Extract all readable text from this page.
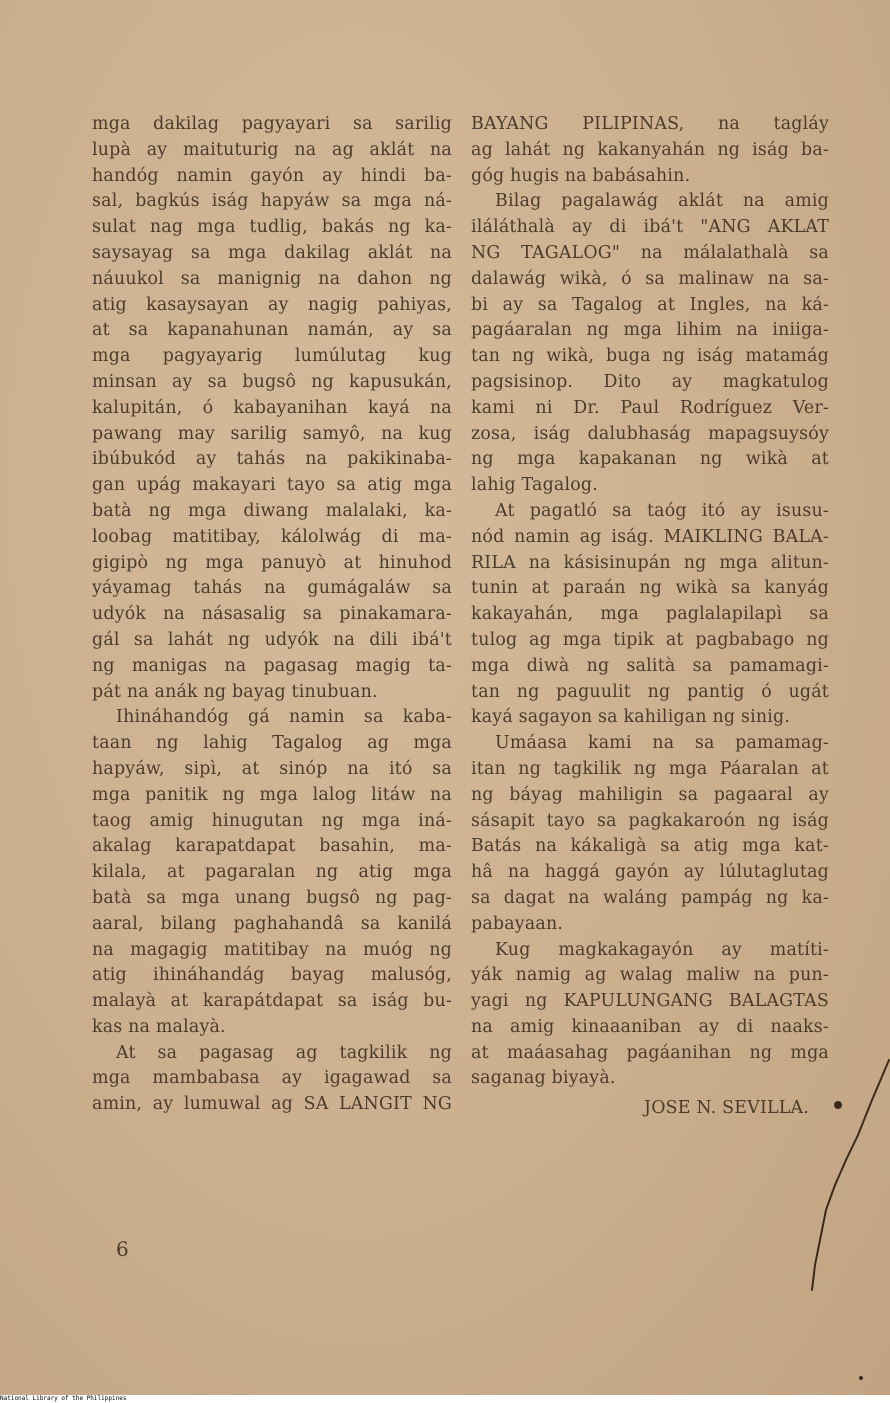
mga dakilag pagyayari sa sarilig
lupà ay maituturig na ag aklát na
handóg namin gayón ay hindi ba-
sal, bagkús iság hapyáw sa mga ná-
sulat nag mga tudlig, bakás ng ka-
saysayag sa mga dakilag aklát na
náuukol sa manignig na dahon ng
atig kasaysayan ay nagig pahiyas,
at sa kapanahunan namán, ay sa
mga pagyayarig lumúlutag kug
minsan ay sa bugsô ng kapusukán,
kalupitán, ó kabayanihan kayá na
pawang may sarilig samyô, na kug
ibúbukód ay tahás na pakikinaba-
gan upág makayari tayo sa atig mga
batà ng mga diwang malalaki, ka-
loobag matitibay, kálolwág di ma-
gigipò ng mga panuyò at hinuhod
yáyamag tahás na gumágaláw sa
udyók na násasalig sa pinakamara-
gál sa lahát ng udyók na dili ibá't
ng manigas na pagasag magig ta-
pát na anák ng bayag tinubuan.
Ihináhandóg gá namin sa kaba-
taan ng lahig Tagalog ag mga
hapyáw, sipì, at sinóp na itó sa
mga panitik ng mga lalog litáw na
taog amig hinugutan ng mga iná-
akalag karapatdapat basahin, ma-
kilala, at pagaralan ng atig mga
batà sa mga unang bugsô ng pag-
aaral, bilang paghahandâ sa kanilá
na magagig matitibay na muóg ng
atig ihináhandág bayag malusóg,
malayà at karapátdapat sa iság bu-
kas na malayà.
At sa pagasag ag tagkilik ng
mga mambabasa ay igagawad sa
amin, ay lumuwal ag SA LANGIT NG
BAYANG PILIPINAS, na tagláy
ag lahát ng kakanyahán ng iság ba-
góg hugis na babásahin.
Bilag pagalawág aklát na amig
iláláthalà ay di ibá't "ANG AKLAT
NG TAGALOG" na málalathalà sa
dalawág wikà, ó sa malinaw na sa-
bi ay sa Tagalog at Ingles, na ká-
pagáaralan ng mga lihim na iniiga-
tan ng wikà, buga ng iság matamág
pagsisinop. Dito ay magkatulog
kami ni Dr. Paul Rodríguez Ver-
zosa, iság dalubhaság mapagsuysóy
ng mga kapakanan ng wikà at
lahig Tagalog.
At pagatló sa taóg itó ay isusu-
nód namin ag iság. MAIKLING BALA-
RILA na kásisinupán ng mga alitun-
tunin at paraán ng wikà sa kanyág
kakayahán, mga paglalapilapì sa
tulog ag mga tipik at pagbabago ng
mga diwà ng salità sa pamamagi-
tan ng paguulit ng pantig ó ugát
kayá sagayon sa kahiligan ng sinig.
Umáasa kami na sa pamamag-
itan ng tagkilik ng mga Páaralan at
ng báyag mahiligin sa pagaaral ay
sásapit tayo sa pagkakaroón ng iság
Batás na kákaligà sa atig mga kat-
hâ na haggá gayón ay lúlutaglutag
sa dagat na waláng pampág ng ka-
pabayaan.
Kug magkakagayón ay matíti-
yák namig ag walag maliw na pun-
yagi ng KAPULUNGANG BALAGTAS
na amig kinaaaniban ay di naaks-
at maáasahag pagáanihan ng mga
saganag biyayà.
JOSE N. SEVILLA.
6
National Library of the Philippines
